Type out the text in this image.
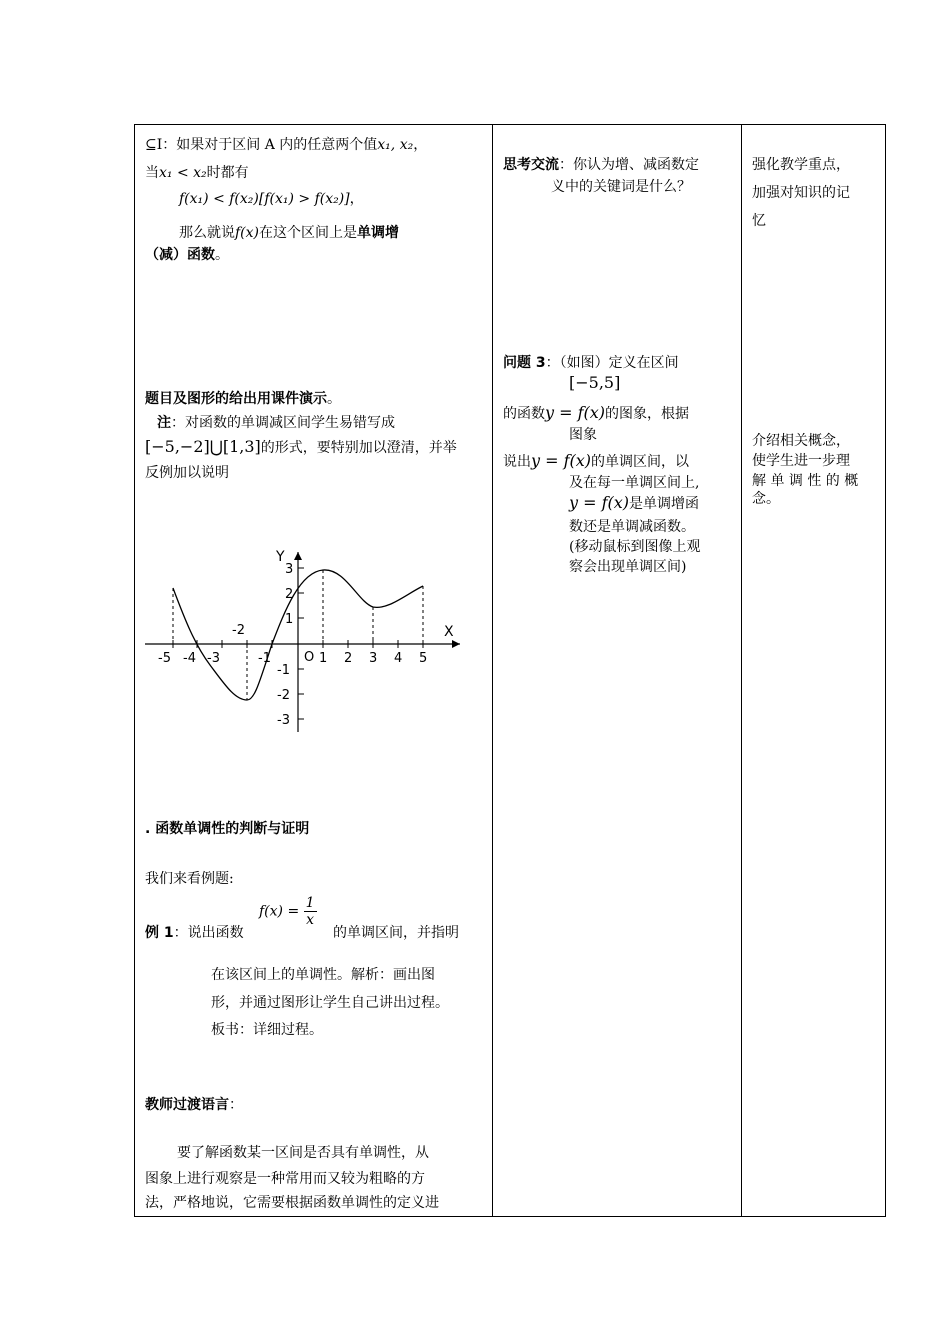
⊆I：如果对于区间 A 内的任意两个值x₁, x₂，
当x₁ < x₂时都有
f(x₁) < f(x₂)[f(x₁) > f(x₂)]，
那么就说f(x)在这个区间上是单调增
（减）函数。
题目及图形的给出用课件演示。
注：对函数的单调减区间学生易错写成
[−5,−2]⋃[1,3]的形式，要特别加以澄清，并举
反例加以说明
Y
X
O
-5 -4 -3
-2
-1	1 2 3 4 5
1
2
3
-1
-2
-3
. 函数单调性的判断与证明
我们来看例题:
例 1：说出函数
$f(x) = \frac{1}{x}$
的单调区间，并指明
在该区间上的单调性。解析：画出图
形，并通过图形让学生自己讲出过程。
板书：详细过程。
教师过渡语言：
要了解函数某一区间是否具有单调性，从
图象上进行观察是一种常用而又较为粗略的方
法，严格地说，它需要根据函数单调性的定义进
思考交流：你认为增、减函数定
义中的关键词是什么？
问题 3：（如图）定义在区间
[−5,5]
的函数y = f(x)的图象，根据
图象
说出y = f(x)的单调区间，以
及在每一单调区间上,
y = f(x)是单调增函
数还是单调减函数。
(移动鼠标到图像上观
察会出现单调区间)
强化教学重点，
加强对知识的记
忆
介绍相关概念，
使学生进一步理
解 单 调 性 的 概
念。
